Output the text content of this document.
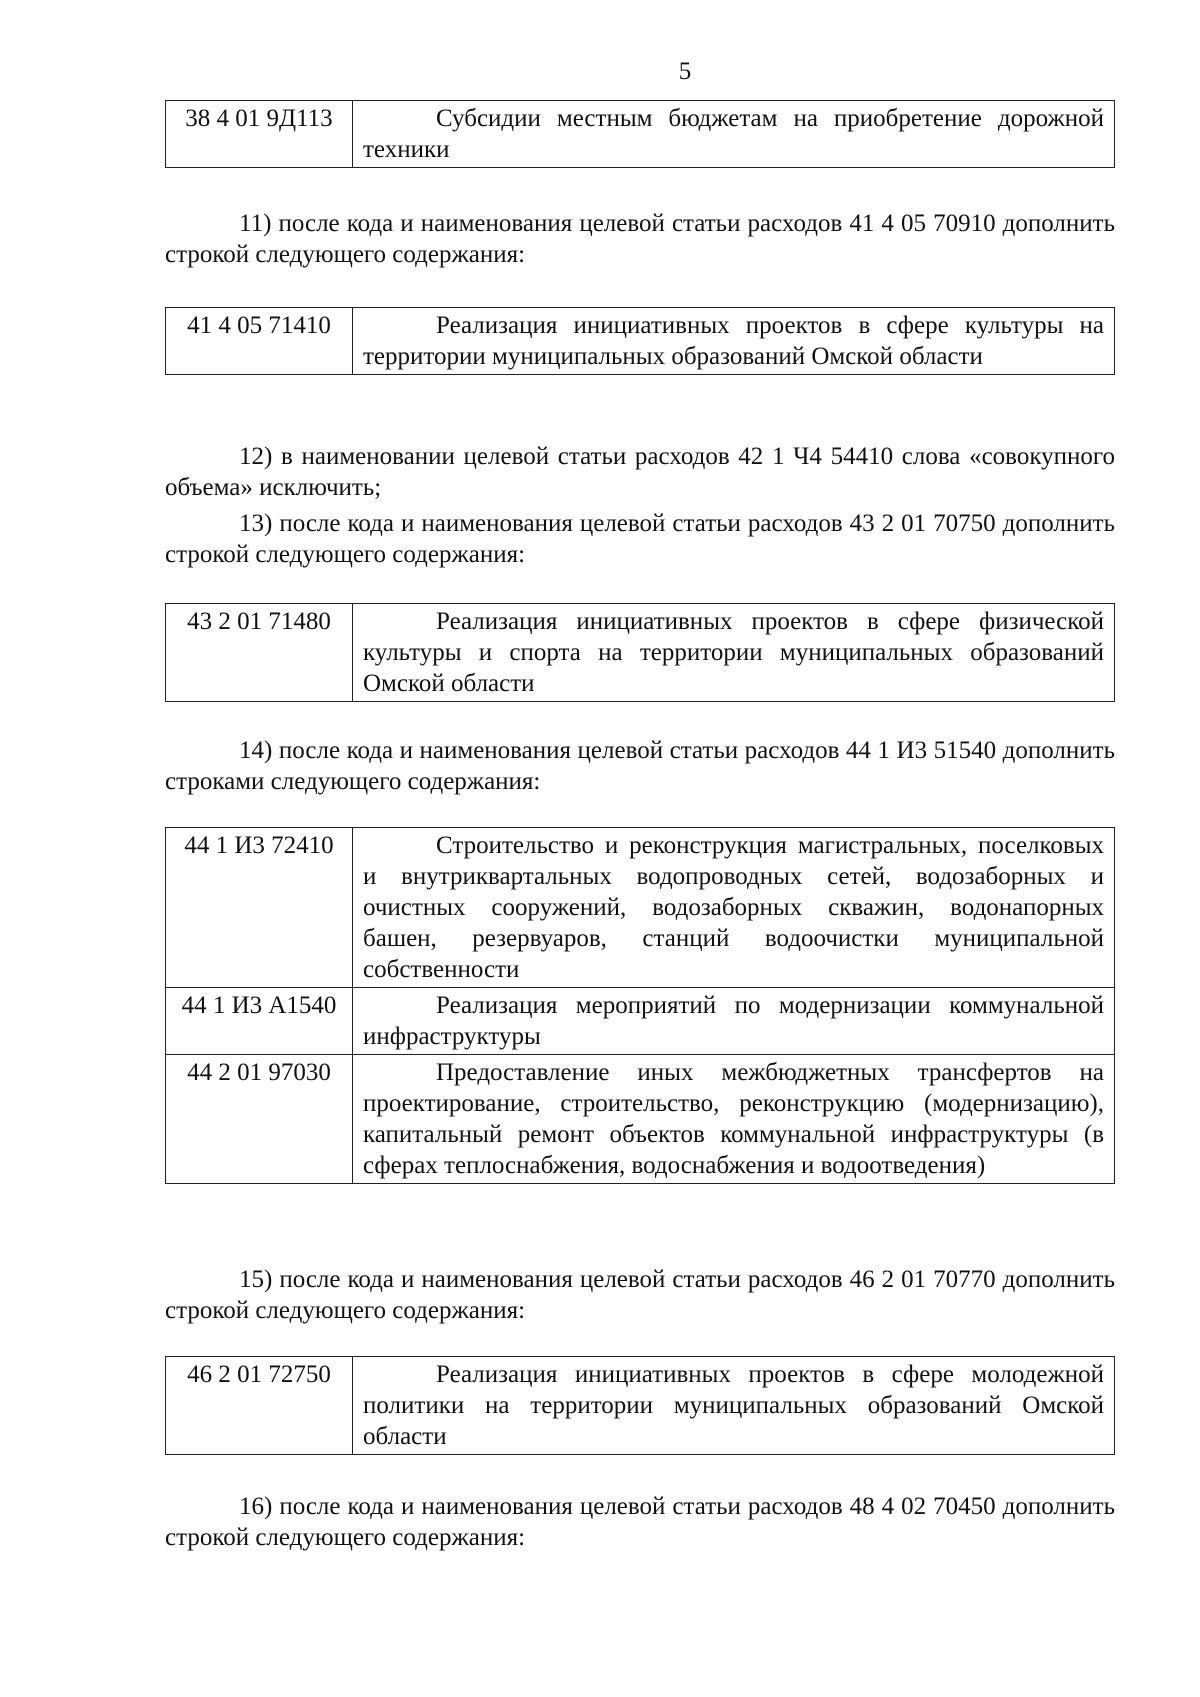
5
38 4 01 9Д113	Субсидии местным бюджетам на приобретение дорожной техники
11) после кода и наименования целевой статьи расходов 41 4 05 70910 дополнить строкой следующего содержания:
41 4 05 71410	Реализация инициативных проектов в сфере культуры на территории муниципальных образований Омской области
12) в наименовании целевой статьи расходов 42 1 Ч4 54410 слова «совокупного объема» исключить;
13) после кода и наименования целевой статьи расходов 43 2 01 70750 дополнить строкой следующего содержания:
43 2 01 71480	Реализация инициативных проектов в сфере физической культуры и спорта на территории муниципальных образований Омской области
14) после кода и наименования целевой статьи расходов 44 1 И3 51540 дополнить строками следующего содержания:
44 1 И3 72410	Строительство и реконструкция магистральных, поселковых и внутриквартальных водопроводных сетей, водозаборных и очистных сооружений, водозаборных скважин, водонапорных башен, резервуаров, станций водоочистки муниципальной собственности
44 1 И3 А1540	Реализация мероприятий по модернизации коммунальной инфраструктуры
44 2 01 97030	Предоставление иных межбюджетных трансфертов на проектирование, строительство, реконструкцию (модернизацию), капитальный ремонт объектов коммунальной инфраструктуры (в сферах теплоснабжения, водоснабжения и водоотведения)
15) после кода и наименования целевой статьи расходов 46 2 01 70770 дополнить строкой следующего содержания:
46 2 01 72750	Реализация инициативных проектов в сфере молодежной политики на территории муниципальных образований Омской области
16) после кода и наименования целевой статьи расходов 48 4 02 70450 дополнить строкой следующего содержания:
